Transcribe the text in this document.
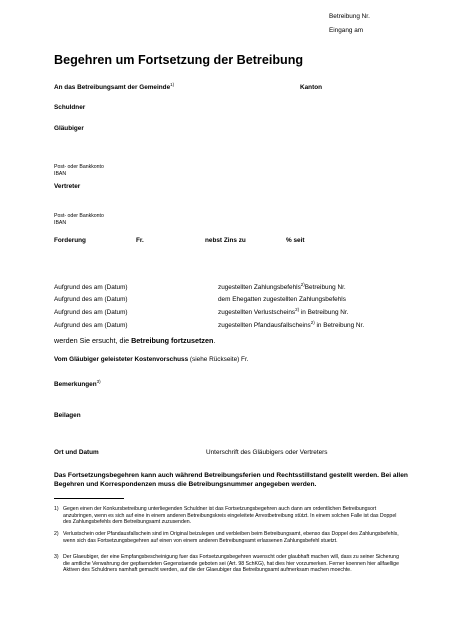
Betreibung Nr.
Eingang am
Begehren um Fortsetzung der Betreibung
An das Betreibungsamt der Gemeinde$^{1)}$	Kanton
Schuldner
Gläubiger
Post- oder Bankkonto
IBAN
Vertreter
Post- oder Bankkonto
IBAN
Forderung	Fr.	nebst Zins zu	% seit
Aufgrund des am (Datum)	zugestellten Zahlungsbefehls$^{2)}$Betreibung Nr.
Aufgrund des am (Datum)	dem Ehegatten zugestellten Zahlungsbefehls
Aufgrund des am (Datum)	zugestellten Verlustscheins$^{2)}$ in Betreibung Nr.
Aufgrund des am (Datum)	zugestellten Pfandausfallscheins$^{2)}$ in Betreibung Nr.
werden Sie ersucht, die Betreibung fortzusetzen.
Vom Gläubiger geleisteter Kostenvorschuss (siehe Rückseite) Fr.
Bemerkungen$^{3)}$
Beilagen
Ort und Datum	Unterschrift des Gläubigers oder Vertreters
Das Fortsetzungsbegehren kann auch während Betreibungsferien und Rechtsstillstand gestellt werden. Bei allen Begehren und Korrespondenzen muss die Betreibungsnummer angegeben werden.
1) Gegen einen der Konkursbetreibung unterliegenden Schuldner ist das Fortsetzungsbegehren auch dann am ordentlichen Betreibungsort anzubringen, wenn es sich auf eine in einem anderen Betreibungskreis eingeleitete Arrestbetreibung stützt. In einem solchen Falle ist das Doppel des Zahlungsbefehls dem Betreibungsamt zuzusenden.
2) Verlustschein oder Pfandausfallschein sind im Original beizulegen und verbleiben beim Betreibungsamt, ebenso das Doppel des Zahlungsbefehls, wenn sich das Fortsetzungsbegehren auf einen von einem anderen Betreibungsamt erlassenen Zahlungsbefehl stuetzt.
3) Der Glaeubiger, der eine Empfangsbescheinigung fuer das Fortsetzungsbegehren wuenscht oder glaubhaft machen will, dass zu seiner Sicherung die amtliche Verwahrung der gepfaendeten Gegenstaende geboten sei (Art. 98 SchKG), hat dies hier vorzumerken. Ferner koennen hier allfaellige Aktiven des Schuldners namhaft gemacht werden, auf die der Glaeubiger das Betreibungsamt aufmerksam machen moechte.
